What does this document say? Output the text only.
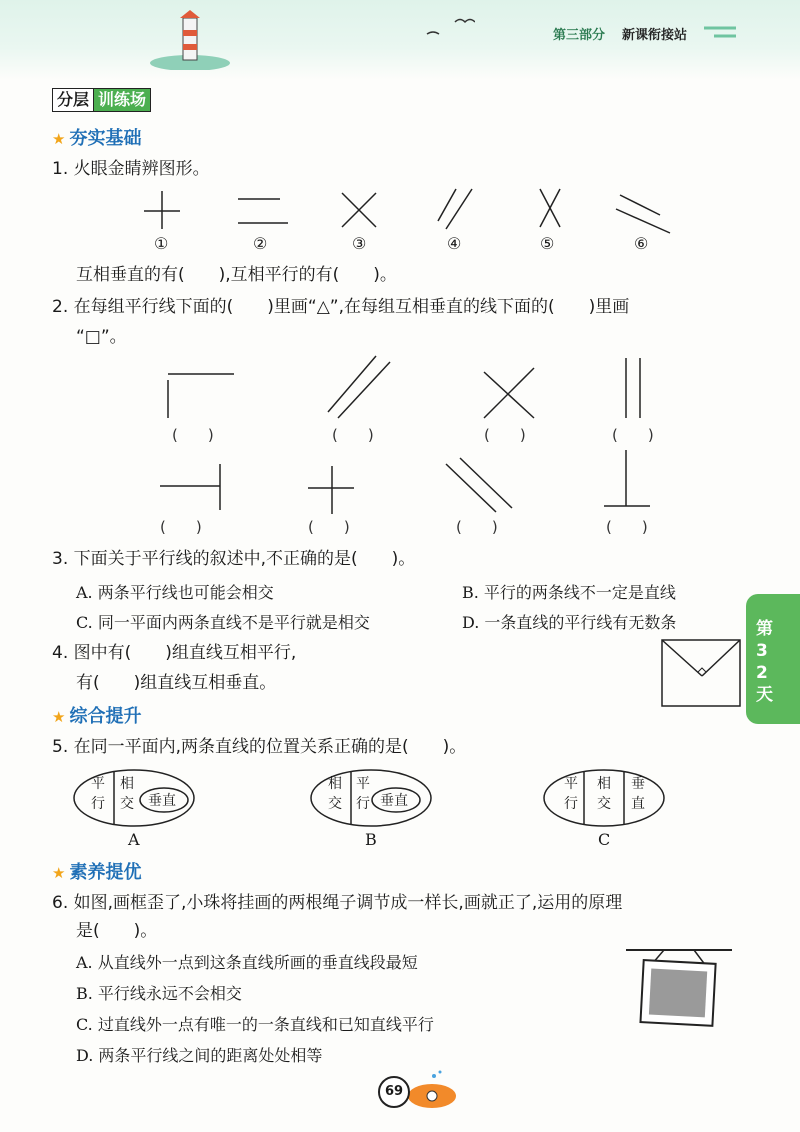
第三部分 新课衔接站
分层 训练场
★ 夯实基础
1. 火眼金睛辨图形。
①	②	③	④	⑤	⑥
互相垂直的有(　　),互相平行的有(　　)。
2. 在每组平行线下面的(　　)里画“△”,在每组互相垂直的线下面的(　　)里画
“□”。
(　　)	(　　)	(　　)	(　　)
(　　)	(　　)	(　　)	(　　)
3. 下面关于平行线的叙述中,不正确的是(　　)。
A. 两条平行线也可能会相交	B. 平行的两条线不一定是直线
C. 同一平面内两条直线不是平行就是相交	D. 一条直线的平行线有无数条	第32天
4. 图中有(　　)组直线互相平行,
有(　　)组直线互相垂直。
★ 综合提升
5. 在同一平面内,两条直线的位置关系正确的是(　　)。
平行
相交 垂直
A
相交
平行 垂直
B
平行
相交
垂直
C
★ 素养提优
6. 如图,画框歪了,小珠将挂画的两根绳子调节成一样长,画就正了,运用的原理
是(　　)。
A. 从直线外一点到这条直线所画的垂直线段最短
B. 平行线永远不会相交
C. 过直线外一点有唯一的一条直线和已知直线平行
D. 两条平行线之间的距离处处相等
69
